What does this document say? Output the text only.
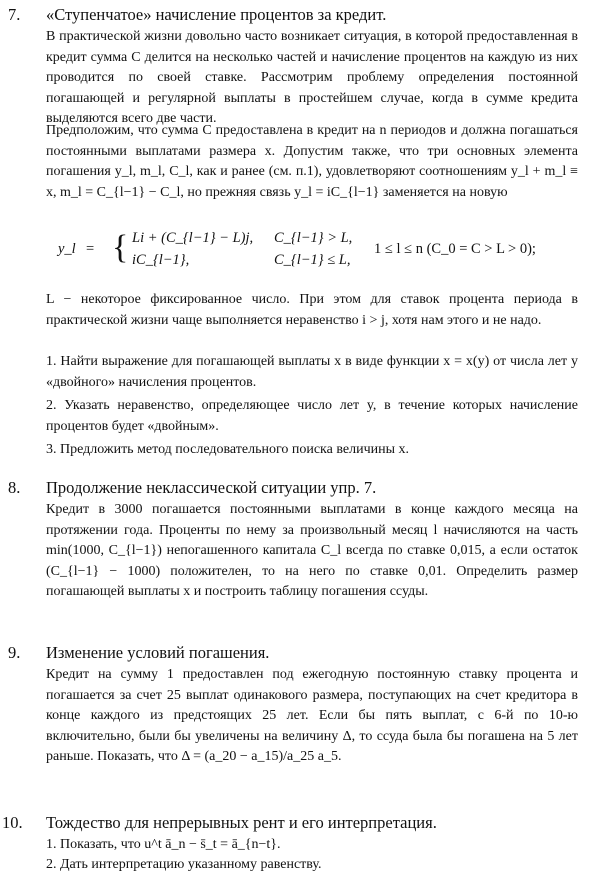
7. «Ступенчатое» начисление процентов за кредит.

В практической жизни довольно часто возникает ситуация, в которой предоставленная в кредит сумма C делится на несколько частей и начисление процентов на каждую из них проводится по своей ставке. Рассмотрим проблему определения постоянной погашающей и регулярной выплаты в простейшем случае, когда в сумме кредита выделяются всего две части.

Предположим, что сумма C предоставлена в кредит на n периодов и должна погашаться постоянными выплатами размера x. Допустим также, что три основных элемента погашения y_l, m_l, C_l, как и ранее (см. п.1), удовлетворяют соотношениям y_l + m_l ≡ x, m_l = C_{l−1} − C_l, но прежняя связь y_l = iC_{l−1} заменяется на новую

y_l = { Li + (C_{l−1} − L)j, C_{l−1} > L,
iC_{l−1},	C_{l−1} ≤ L,
1 ≤ l ≤ n (C_0 = C > L > 0);

L − некоторое фиксированное число. При этом для ставок процента периода в практической жизни чаще выполняется неравенство i > j, хотя нам этого и не надо.

1. Найти выражение для погашающей выплаты x в виде функции x = x(y) от числа лет y «двойного» начисления процентов.

2. Указать неравенство, определяющее число лет y, в течение которых начисление процентов будет «двойным».

3. Предложить метод последовательного поиска величины x.

8. Продолжение неклассической ситуации упр. 7.

Кредит в 3000 погашается постоянными выплатами в конце каждого месяца на протяжении года. Проценты по нему за произвольный месяц l начисляются на часть min(1000, C_{l−1}) непогашенного капитала C_l всегда по ставке 0,015, а если остаток (C_{l−1} − 1000) положителен, то на него по ставке 0,01. Определить размер погашающей выплаты x и построить таблицу погашения ссуды.

9. Изменение условий погашения.

Кредит на сумму 1 предоставлен под ежегодную постоянную ставку процента и погашается за счет 25 выплат одинакового размера, поступающих на счет кредитора в конце каждого из предстоящих 25 лет. Если бы пять выплат, с 6-й по 10-ю включительно, были бы увеличены на величину Δ, то ссуда была бы погашена на 5 лет раньше. Показать, что Δ = (a_20 − a_15)/a_25 a_5.

10. Тождество для непрерывных рент и его интерпретация.
1. Показать, что u^t ā_n − s̄_t = ā_{n−t}.
2. Дать интерпретацию указанному равенству.
